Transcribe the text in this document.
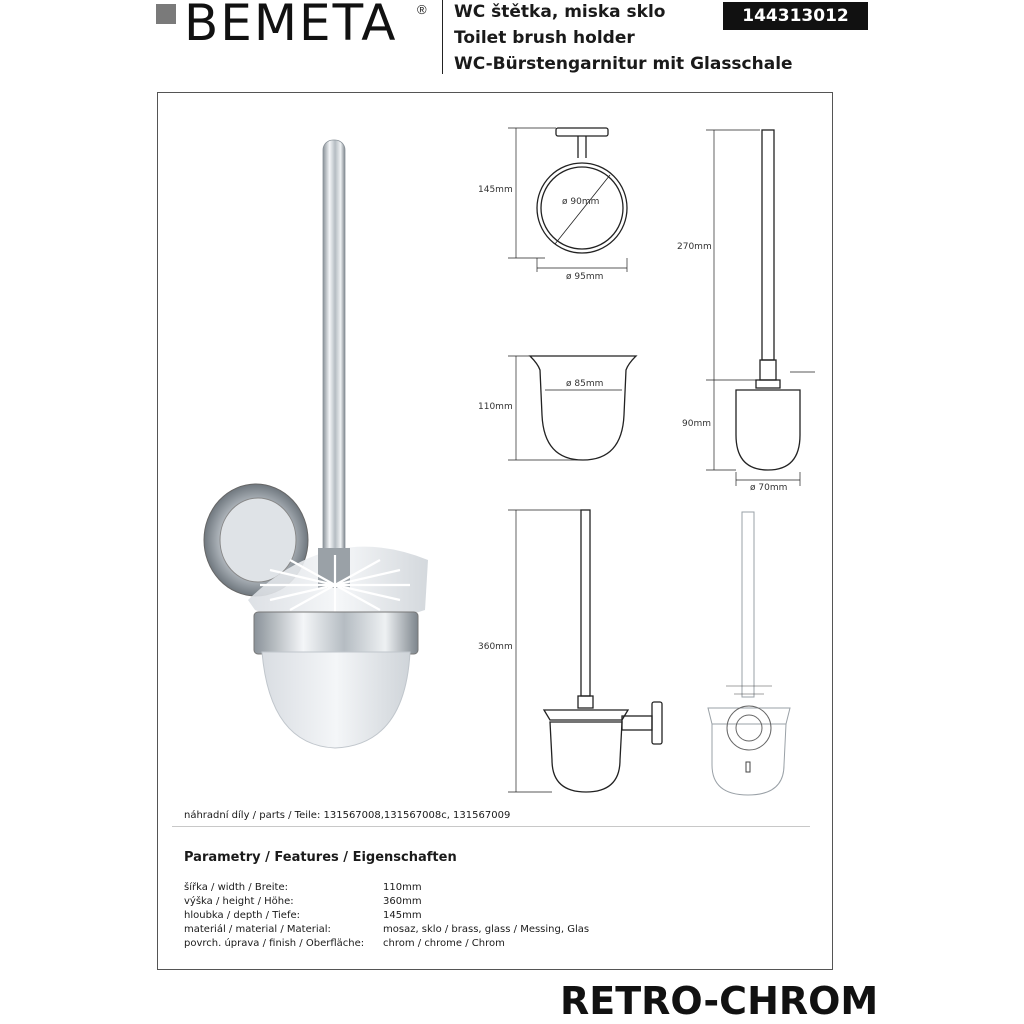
BEMETA ® WC štětka, miska sklo
Toilet brush holder
WC-Bürstengarnitur mit Glasschale
144313012
145mm
ø 90mm
ø 95mm
270mm
110mm
ø 85mm
90mm
ø 70mm
360mm
náhradní díly / parts / Teile: 131567008,131567008c, 131567009
Parametry / Features / Eigenschaften
šířka / width / Breite:	110mm
výška / height / Höhe:	360mm
hloubka / depth / Tiefe:	145mm
materiál / material / Material:	mosaz, sklo / brass, glass / Messing, Glas
povrch. úprava / finish / Oberfläche: chrom / chrome / Chrom
RETRO-CHROM
